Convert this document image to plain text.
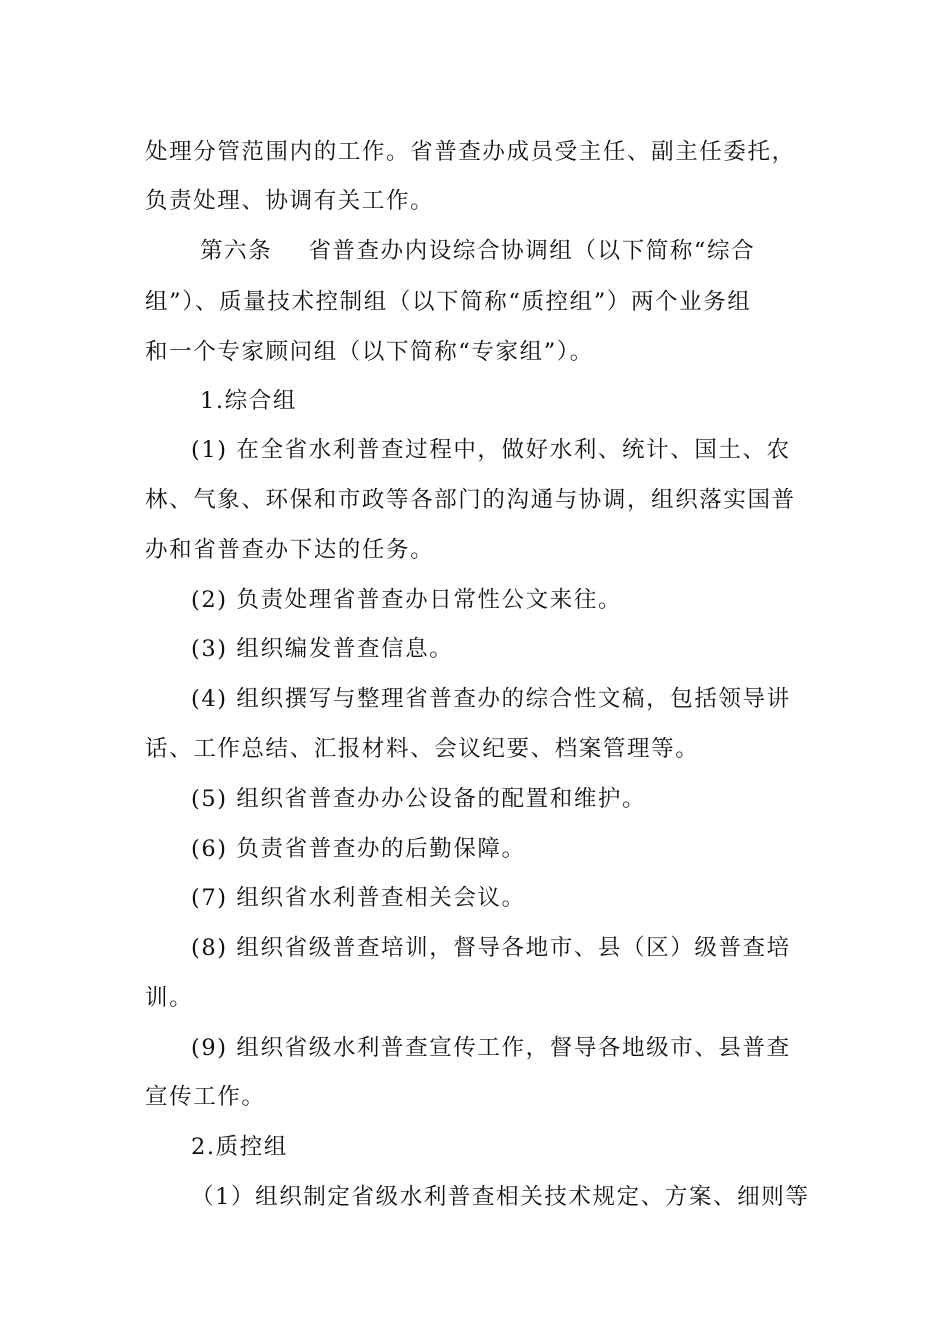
处理分管范围内的工作。省普查办成员受主任、副主任委托，
负责处理、协调有关工作。
第六条 省普查办内设综合协调组（以下简称“综合
组”）、质量技术控制组（以下简称“质控组”）两个业务组
和一个专家顾问组（以下简称“专家组”）。
1.综合组
(1) 在全省水利普查过程中，做好水利、统计、国土、农
林、气象、环保和市政等各部门的沟通与协调，组织落实国普
办和省普查办下达的任务。
(2) 负责处理省普查办日常性公文来往。
(3) 组织编发普查信息。
(4) 组织撰写与整理省普查办的综合性文稿，包括领导讲
话、工作总结、汇报材料、会议纪要、档案管理等。
(5) 组织省普查办办公设备的配置和维护。
(6) 负责省普查办的后勤保障。
(7) 组织省水利普查相关会议。
(8) 组织省级普查培训，督导各地市、县（区）级普查培
训。
(9) 组织省级水利普查宣传工作，督导各地级市、县普查
宣传工作。
2.质控组
（1）组织制定省级水利普查相关技术规定、方案、细则等
